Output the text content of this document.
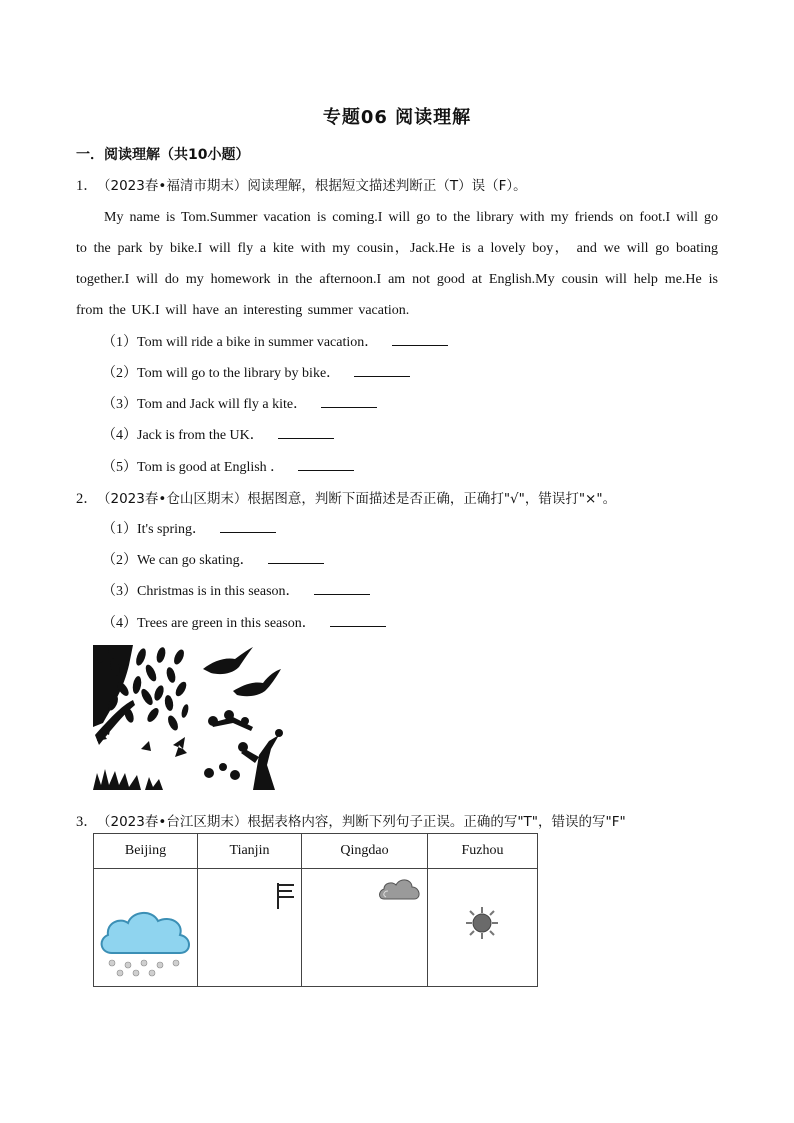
专题06 阅读理解
一．阅读理解（共10小题）
1． （2023春•福清市期末）阅读理解，根据短文描述判断正（T）误（F）。
My name is Tom.Summer vacation is coming.I will go to the library with my friends on foot.I will go to the park by bike.I will fly a kite with my cousin，Jack.He is a lovely boy， and we will go boating together.I will do my homework in the afternoon.I am not good at English.My cousin will help me.He is from the UK.I will have an interesting summer vacation.
（1）Tom will ride a bike in summer vacation．
（2）Tom will go to the library by bike．
（3）Tom and Jack will fly a kite．
（4）Jack is from the UK．
（5）Tom is good at English ．
2． （2023春•仓山区期末）根据图意，判断下面描述是否正确，正确打"√"，错误打"×"。
（1）It's spring．
（2）We can go skating．
（3）Christmas is in this season．
（4）Trees are green in this season．
3． （2023春•台江区期末）根据表格内容，判断下列句子正误。正确的写"T"，错误的写"F"
Beijing	Tianjin	Qingdao	Fuzhou
